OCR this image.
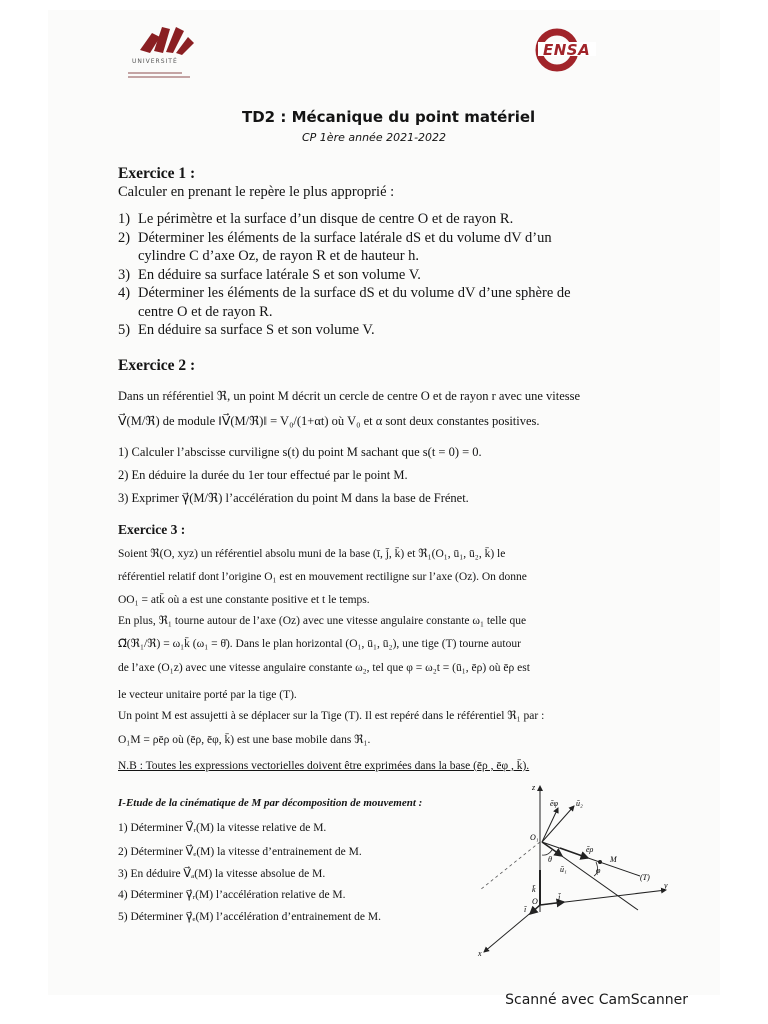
UNIVERSITÉ
ENSA
TD2 : Mécanique du point matériel
CP 1ère année 2021-2022
Exercice 1 :
Calculer en prenant le repère le plus approprié :
1) Le périmètre et la surface d’un disque de centre O et de rayon R.
2) Déterminer les éléments de la surface latérale dS et du volume dV d’un cylindre C d’axe Oz, de rayon R et de hauteur h.
3) En déduire sa surface latérale S et son volume V.
4) Déterminer les éléments de la surface dS et du volume dV d’une sphère de centre O et de rayon R.
5) En déduire sa surface S et son volume V.
Exercice 2 :
Dans un référentiel ℜ, un point M décrit un cercle de centre O et de rayon r avec une vitesse
V⃗(M/ℜ) de module ‖V⃗(M/ℜ)‖ = V₀/(1+αt) où V₀ et α sont deux constantes positives.
1) Calculer l’abscisse curviligne s(t) du point M sachant que s(t = 0) = 0.
2) En déduire la durée du 1er tour effectué par le point M.
3) Exprimer γ⃗(M/ℜ) l’accélération du point M dans la base de Frénet.
Exercice 3 :
Soient ℜ(O, xyz) un référentiel absolu muni de la base (ī, j̄, k̄) et ℜ₁(O₁, ū₁, ū₂, k̄) le
référentiel relatif dont l’origine O₁ est en mouvement rectiligne sur l’axe (Oz). On donne
OO₁ = atk̄ où a est une constante positive et t le temps.
En plus, ℜ₁ tourne autour de l’axe (Oz) avec une vitesse angulaire constante ω₁ telle que
Ω⃗(ℜ₁/ℜ) = ω₁k̄ (ω₁ = θ̇). Dans le plan horizontal (O₁, ū₁, ū₂), une tige (T) tourne autour
de l’axe (O₁z) avec une vitesse angulaire constante ω₂, tel que φ = ω₂t = (ū₁, ēρ) où ēρ est
le vecteur unitaire porté par la tige (T).
Un point M est assujetti à se déplacer sur la Tige (T). Il est repéré dans le référentiel ℜ₁ par :
O₁M = ρēρ où (ēρ, ēφ, k̄) est une base mobile dans ℜ₁.
N.B : Toutes les expressions vectorielles doivent être exprimées dans la base (ēρ , ēφ , k̄).
I-Etude de la cinématique de M par décomposition de mouvement :
1) Déterminer V⃗ᵣ(M) la vitesse relative de M.
2) Déterminer V⃗ₑ(M) la vitesse d’entrainement de M.
3) En déduire V⃗ₐ(M) la vitesse absolue de M.
4) Déterminer γ⃗ᵣ(M) l’accélération relative de M.
5) Déterminer γ⃗ₑ(M) l’accélération d’entrainement de M.
z
ēφ ū₂
O₁
θ
ēρ
ū₁
M
φ
(T)
k̄
j̄
O
ī
y
x
Scanné avec CamScanner
